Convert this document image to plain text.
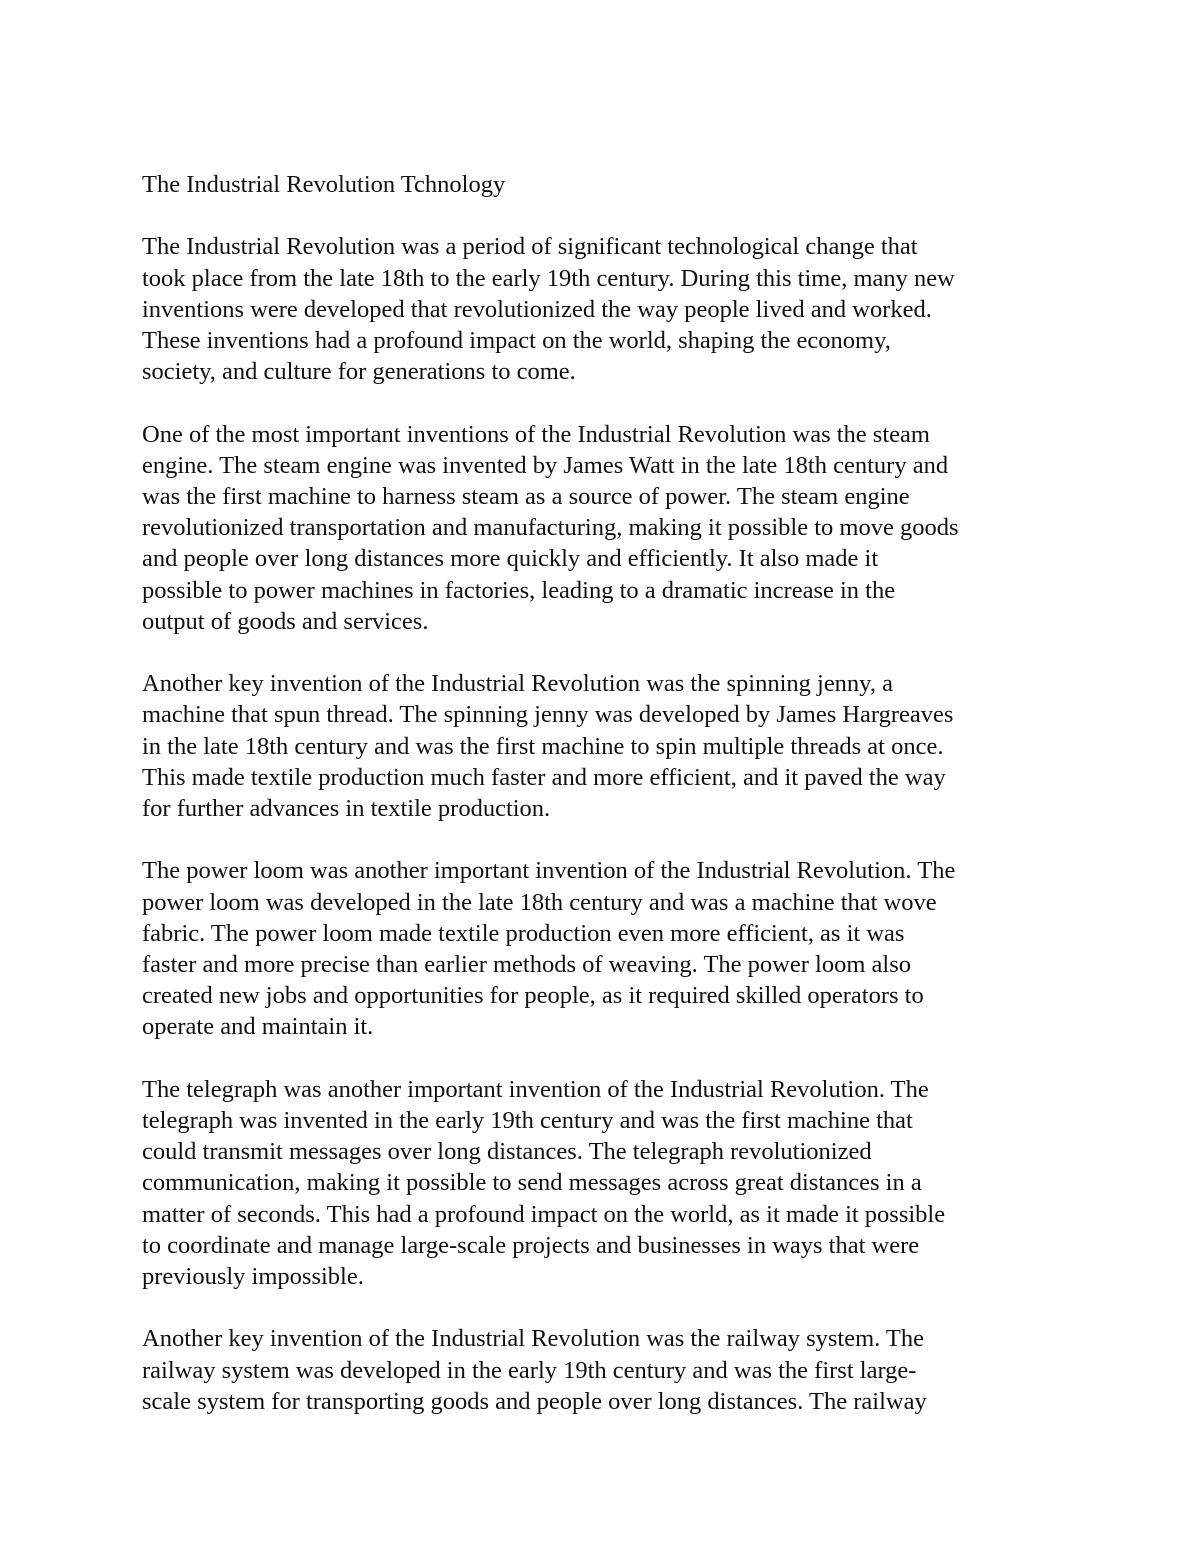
The Industrial Revolution Tchnology
The Industrial Revolution was a period of significant technological change that
took place from the late 18th to the early 19th century. During this time, many new
inventions were developed that revolutionized the way people lived and worked.
These inventions had a profound impact on the world, shaping the economy,
society, and culture for generations to come.
One of the most important inventions of the Industrial Revolution was the steam
engine. The steam engine was invented by James Watt in the late 18th century and
was the first machine to harness steam as a source of power. The steam engine
revolutionized transportation and manufacturing, making it possible to move goods
and people over long distances more quickly and efficiently. It also made it
possible to power machines in factories, leading to a dramatic increase in the
output of goods and services.
Another key invention of the Industrial Revolution was the spinning jenny, a
machine that spun thread. The spinning jenny was developed by James Hargreaves
in the late 18th century and was the first machine to spin multiple threads at once.
This made textile production much faster and more efficient, and it paved the way
for further advances in textile production.
The power loom was another important invention of the Industrial Revolution. The
power loom was developed in the late 18th century and was a machine that wove
fabric. The power loom made textile production even more efficient, as it was
faster and more precise than earlier methods of weaving. The power loom also
created new jobs and opportunities for people, as it required skilled operators to
operate and maintain it.
The telegraph was another important invention of the Industrial Revolution. The
telegraph was invented in the early 19th century and was the first machine that
could transmit messages over long distances. The telegraph revolutionized
communication, making it possible to send messages across great distances in a
matter of seconds. This had a profound impact on the world, as it made it possible
to coordinate and manage large-scale projects and businesses in ways that were
previously impossible.
Another key invention of the Industrial Revolution was the railway system. The
railway system was developed in the early 19th century and was the first large-
scale system for transporting goods and people over long distances. The railway
